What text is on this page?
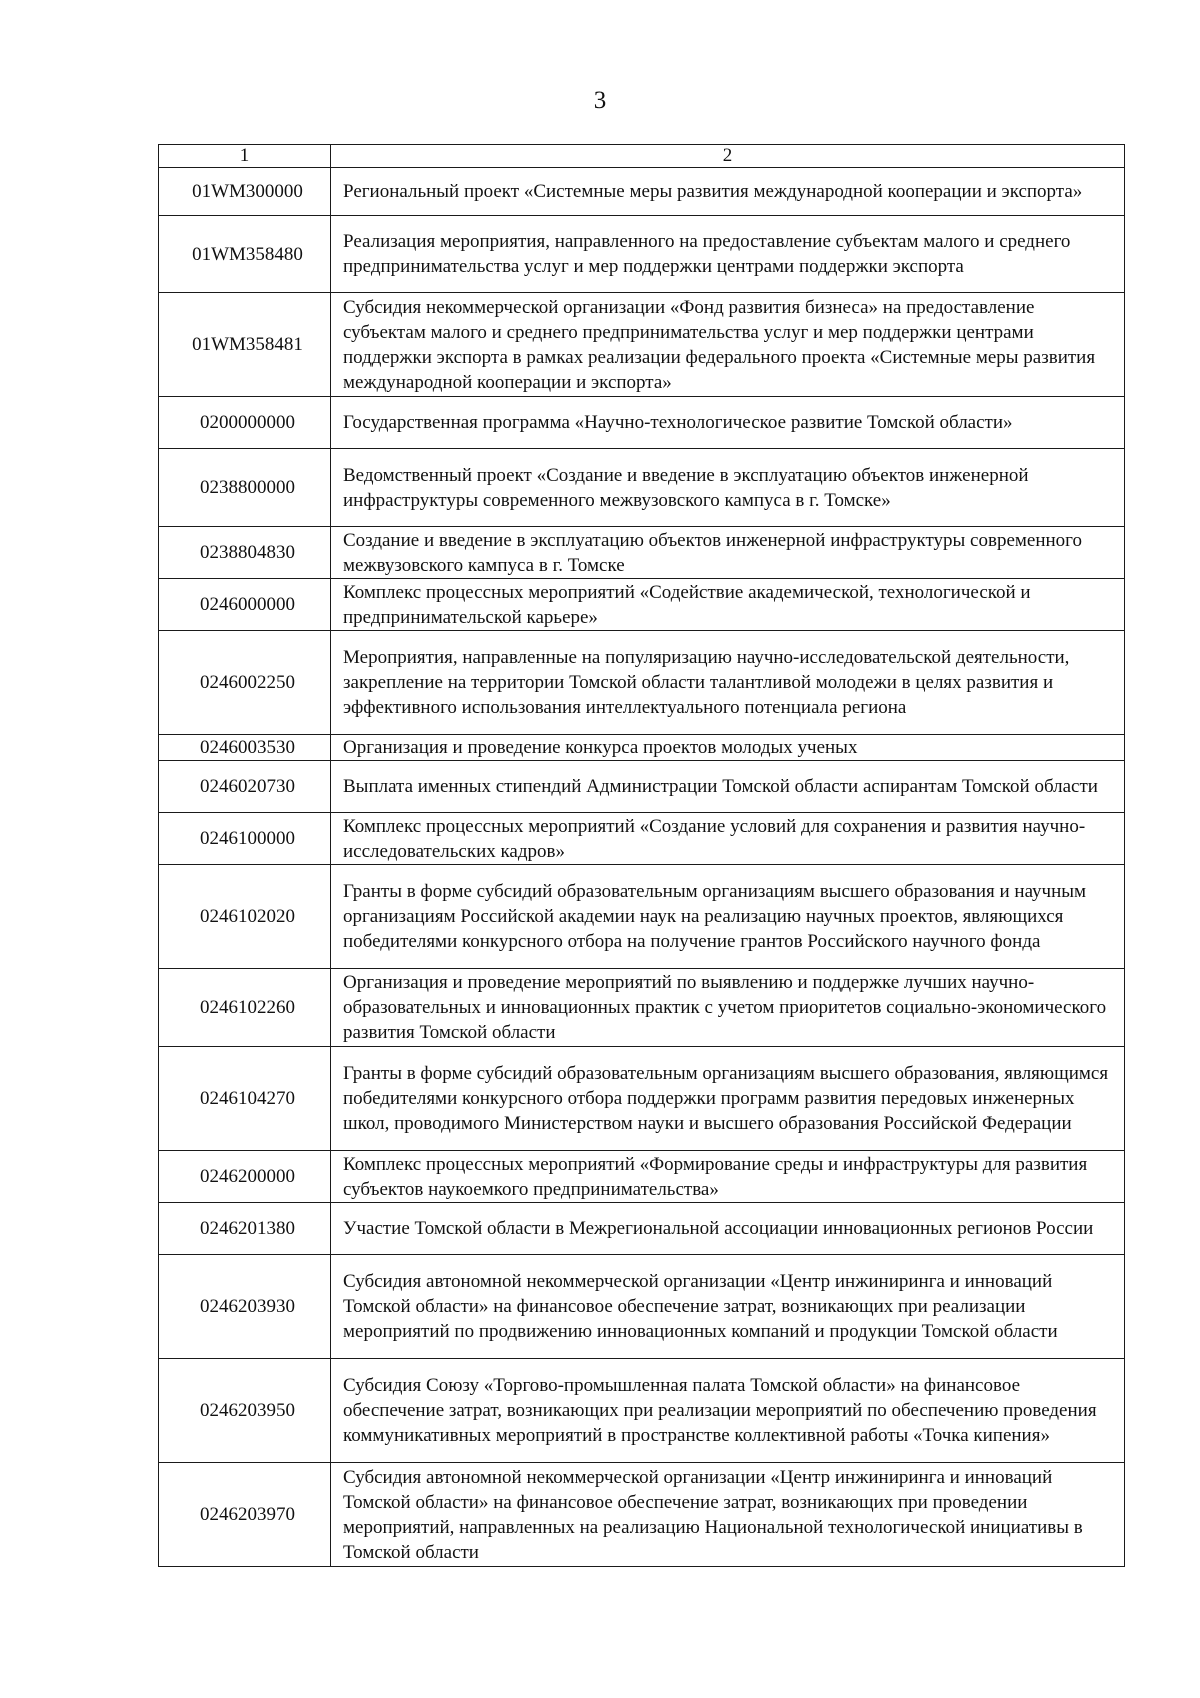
3
1	2
01WM300000	Региональный проект «Системные меры развития международной кооперации и экспорта»
01WM358480	Реализация мероприятия, направленного на предоставление субъектам малого и среднего предпринимательства услуг и мер поддержки центрами поддержки экспорта
01WM358481	Субсидия некоммерческой организации «Фонд развития бизнеса» на предоставление субъектам малого и среднего предпринимательства услуг и мер поддержки центрами поддержки экспорта в рамках реализации федерального проекта «Системные меры развития международной кооперации и экспорта»
0200000000	Государственная программа «Научно-технологическое развитие Томской области»
0238800000	Ведомственный проект «Создание и введение в эксплуатацию объектов инженерной инфраструктуры современного межвузовского кампуса в г. Томске»
0238804830	Создание и введение в эксплуатацию объектов инженерной инфраструктуры современного межвузовского кампуса в г. Томске
0246000000	Комплекс процессных мероприятий «Содействие академической, технологической и предпринимательской карьере»
0246002250	Мероприятия, направленные на популяризацию научно-исследовательской деятельности, закрепление на территории Томской области талантливой молодежи в целях развития и эффективного использования интеллектуального потенциала региона
0246003530	Организация и проведение конкурса проектов молодых ученых
0246020730	Выплата именных стипендий Администрации Томской области аспирантам Томской области
0246100000	Комплекс процессных мероприятий «Создание условий для сохранения и развития научно-исследовательских кадров»
0246102020	Гранты в форме субсидий образовательным организациям высшего образования и научным организациям Российской академии наук на реализацию научных проектов, являющихся победителями конкурсного отбора на получение грантов Российского научного фонда
0246102260	Организация и проведение мероприятий по выявлению и поддержке лучших научно-образовательных и инновационных практик с учетом приоритетов социально-экономического развития Томской области
0246104270	Гранты в форме субсидий образовательным организациям высшего образования, являющимся победителями конкурсного отбора поддержки программ развития передовых инженерных школ, проводимого Министерством науки и высшего образования Российской Федерации
0246200000	Комплекс процессных мероприятий «Формирование среды и инфраструктуры для развития субъектов наукоемкого предпринимательства»
0246201380	Участие Томской области в Межрегиональной ассоциации инновационных регионов России
0246203930	Субсидия автономной некоммерческой организации «Центр инжиниринга и инноваций Томской области» на финансовое обеспечение затрат, возникающих при реализации мероприятий по продвижению инновационных компаний и продукции Томской области
0246203950	Субсидия Союзу «Торгово-промышленная палата Томской области» на финансовое обеспечение затрат, возникающих при реализации мероприятий по обеспечению проведения коммуникативных мероприятий в пространстве коллективной работы «Точка кипения»
0246203970	Субсидия автономной некоммерческой организации «Центр инжиниринга и инноваций Томской области» на финансовое обеспечение затрат, возникающих при проведении мероприятий, направленных на реализацию Национальной технологической инициативы в Томской области
